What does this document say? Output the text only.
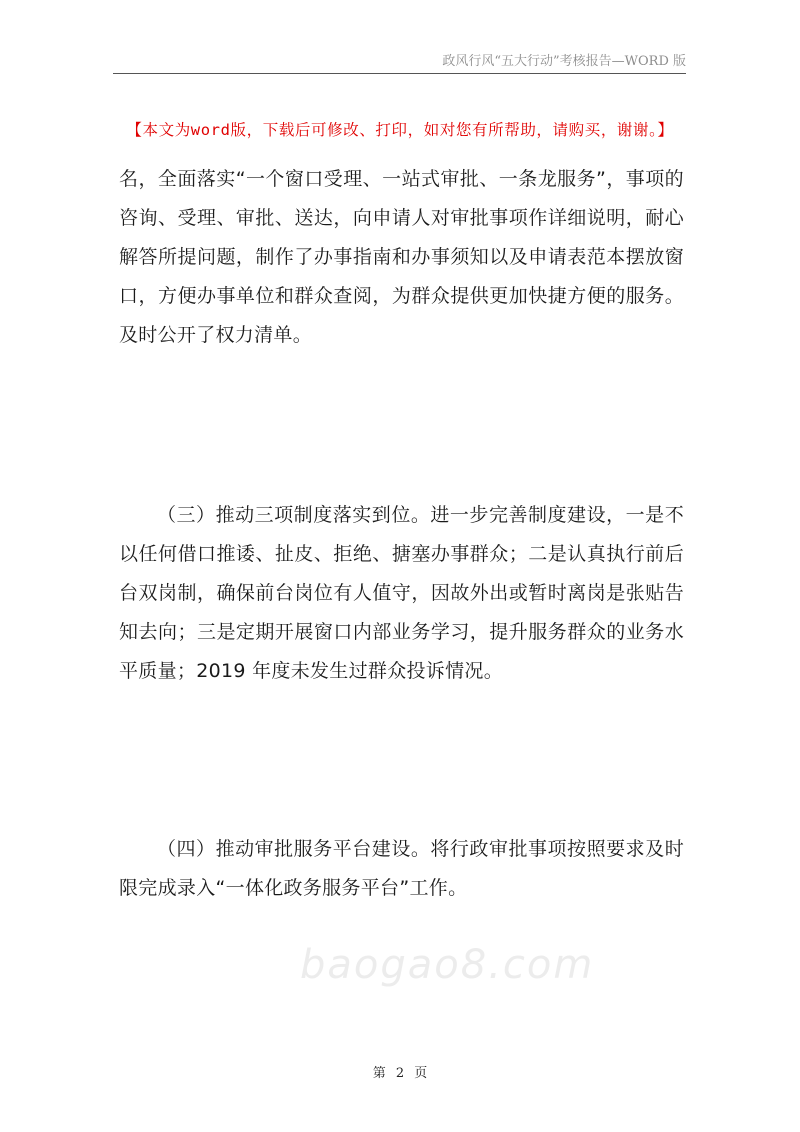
政风行风“五大行动”考核报告—WORD 版
【本文为word版，下载后可修改、打印，如对您有所帮助，请购买，谢谢。】

名，全面落实“一个窗口受理、一站式审批、一条龙服务”，事项的咨询、受理、审批、送达，向申请人对审批事项作详细说明，耐心解答所提问题，制作了办事指南和办事须知以及申请表范本摆放窗口，方便办事单位和群众查阅，为群众提供更加快捷方便的服务。及时公开了权力清单。

（三）推动三项制度落实到位。进一步完善制度建设，一是不以任何借口推诿、扯皮、拒绝、搪塞办事群众；二是认真执行前后台双岗制，确保前台岗位有人值守，因故外出或暂时离岗是张贴告知去向；三是定期开展窗口内部业务学习，提升服务群众的业务水平质量；2019 年度未发生过群众投诉情况。

（四）推动审批服务平台建设。将行政审批事项按照要求及时限完成录入“一体化政务服务平台”工作。

baogao8.com
第 2 页
